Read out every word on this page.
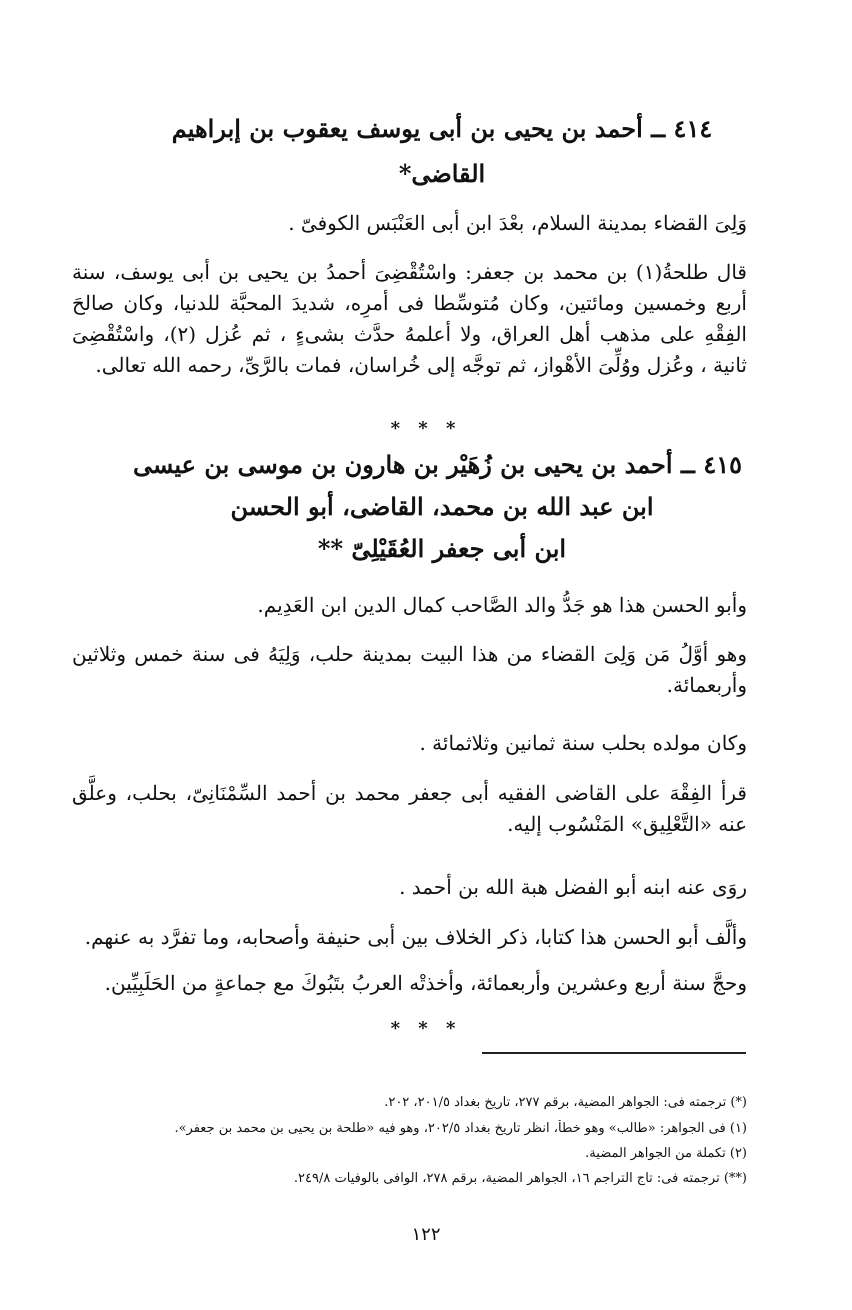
٤١٤ ــ أحمد بن يحيى بن أبى يوسف يعقوب بن إبراهيم
القاضى*
وَلِىَ القضاء بمدينة السلام، بعْدَ ابن أبى العَنْبَس الكوفىّ .
قال طلحةُ(١) بن محمد بن جعفر: واسْتُقْضِىَ أحمدُ بن يحيى بن أبى يوسف، سنة أربع وخمسين ومائتين، وكان مُتوسِّطا فى أمرِه، شديدَ المحبَّة للدنيا، وكان صالحَ الفِقْهِ على مذهب أهل العراق، ولا أعلمهُ حدَّث بشىءٍ ، ثم عُزل (٢)، واسْتُقْضِىَ ثانية ، وعُزل ووُلِّىَ الأهْواز، ثم توجَّه إلى خُراسان، فمات بالرَّىِّ، رحمه الله تعالى.
* * *
٤١٥ ــ أحمد بن يحيى بن زُهَيْر بن هارون بن موسى بن عيسى
ابن عبد الله بن محمد، القاضى، أبو الحسن
ابن أبى جعفر العُقَيْلِىّ **
وأبو الحسن هذا هو جَدُّ والد الصَّاحب كمال الدين ابن العَدِيم.
وهو أوَّلُ مَن وَلِىَ القضاء من هذا البيت بمدينة حلب، وَلِيَهُ فى سنة خمس وثلاثين وأربعمائة.
وكان مولده بحلب سنة ثمانين وثلاثمائة .
قرأ الفِقْهَ على القاضى الفقيه أبى جعفر محمد بن أحمد السِّمْنَانِىّ، بحلب، وعلَّق عنه «التَّعْلِيق» المَنْسُوب إليه.
روَى عنه ابنه أبو الفضل هبة الله بن أحمد .
وألَّف أبو الحسن هذا كتابا، ذكر الخلاف بين أبى حنيفة وأصحابه، وما تفرَّد به عنهم.
وحجَّ سنة أربع وعشرين وأربعمائة، وأخذتْه العربُ بتَبُوكَ مع جماعةٍ من الحَلَبِيِّين.
* * *
(*) ترجمته فى: الجواهر المضية، برقم ٢٧٧، تاريخ بغداد ٢٠١/٥، ٢٠٢.
(١) فى الجواهر: «طالب» وهو خطأ، انظر تاريخ بغداد ٢٠٢/٥، وهو فيه «طلحة بن يحيى بن محمد بن جعفر».
(٢) تكملة من الجواهر المضية.
(**) ترجمته فى: تاج التراجم ١٦، الجواهر المضية، برقم ٢٧٨، الوافى بالوفيات ٢٤٩/٨.
١٢٢
